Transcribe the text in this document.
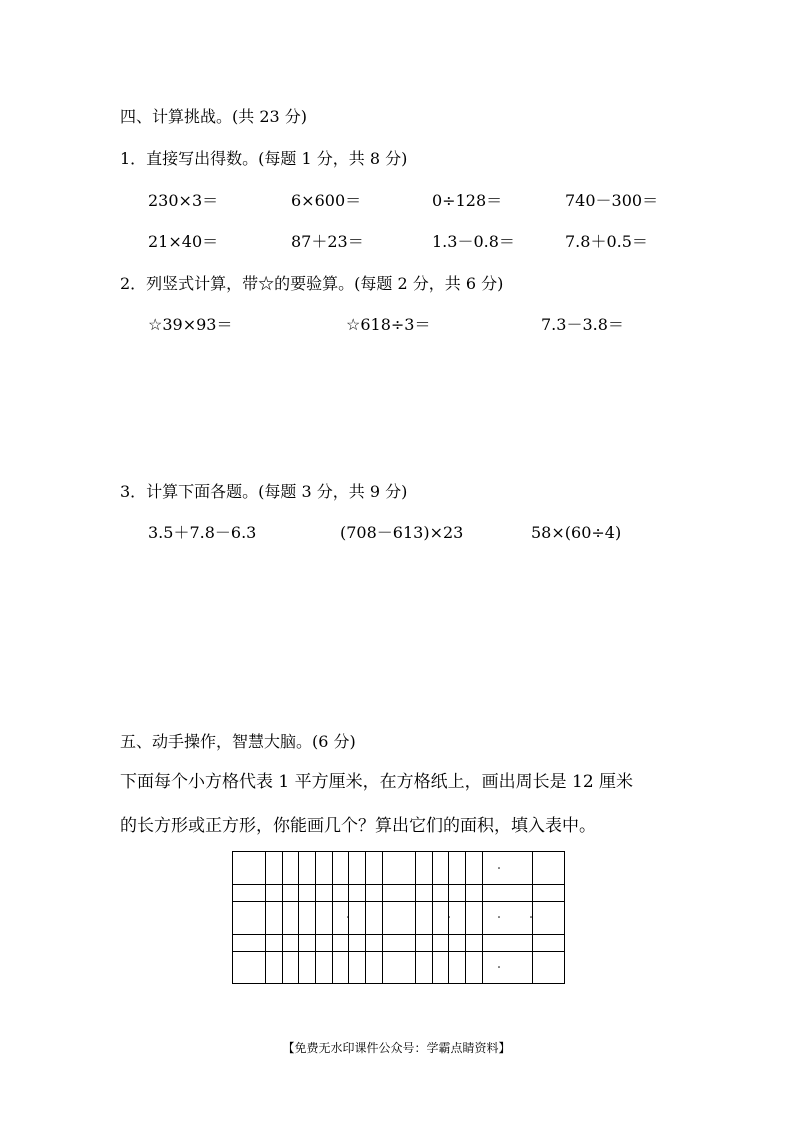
四、计算挑战。(共 23 分)
1．直接写出得数。(每题 1 分，共 8 分)
230×3＝	6×600＝	0÷128＝	740－300＝
21×40＝	87＋23＝	1.3－0.8＝	7.8＋0.5＝
2．列竖式计算，带☆的要验算。(每题 2 分，共 6 分)
☆39×93＝	☆618÷3＝	7.3－3.8＝
3．计算下面各题。(每题 3 分，共 9 分)
3.5＋7.8－6.3	(708－613)×23	58×(60÷4)
五、动手操作，智慧大脑。(6 分)
下面每个小方格代表 1 平方厘米，在方格纸上，画出周长是 12 厘米
的长方形或正方形，你能画几个？算出它们的面积，填入表中。
【免费无水印课件公众号：学霸点睛资料】
